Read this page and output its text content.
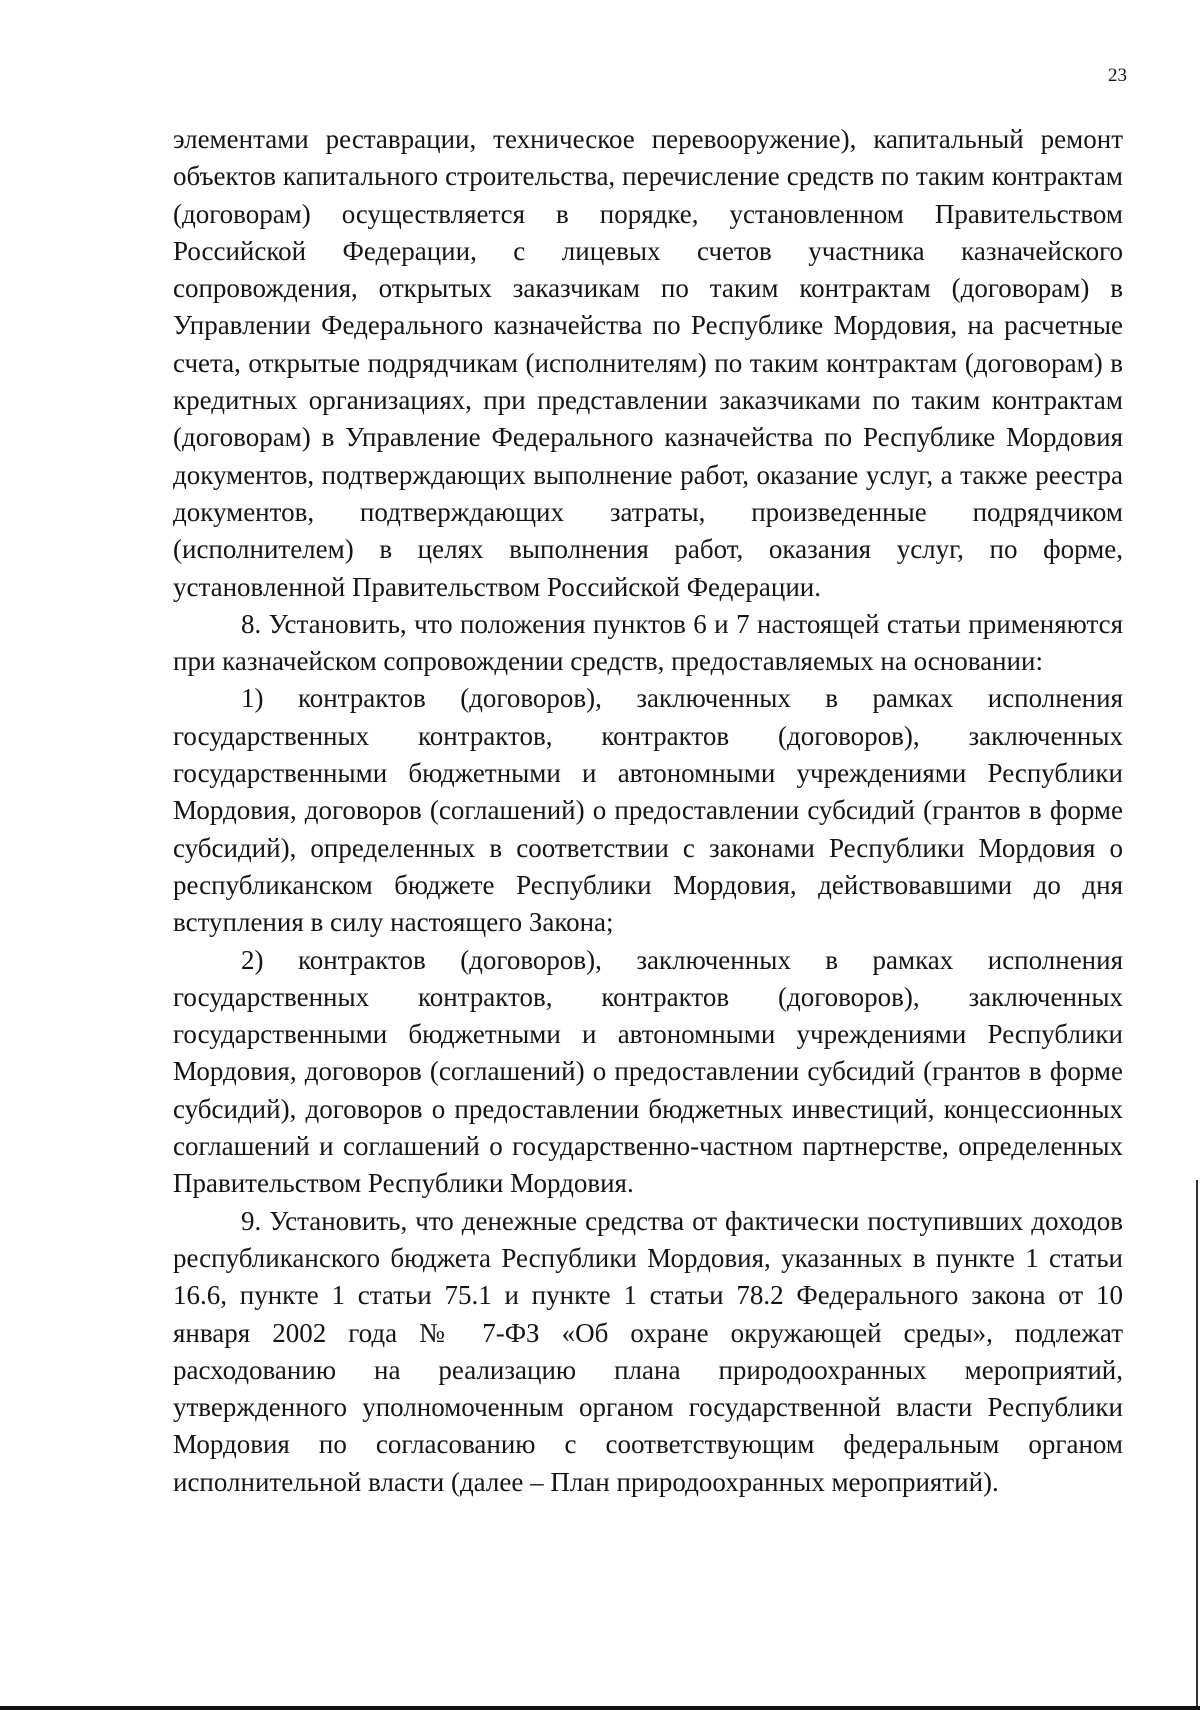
23

элементами реставрации, техническое перевооружение), капитальный ремонт объектов капитального строительства, перечисление средств по таким контрактам (договорам) осуществляется в порядке, установленном Правительством Российской Федерации, с лицевых счетов участника казначейского сопровождения, открытых заказчикам по таким контрактам (договорам) в Управлении Федерального казначейства по Республике Мордовия, на расчетные счета, открытые подрядчикам (исполнителям) по таким контрактам (договорам) в кредитных организациях, при представлении заказчиками по таким контрактам (договорам) в Управление Федерального казначейства по Республике Мордовия документов, подтверждающих выполнение работ, оказание услуг, а также реестра документов, подтверждающих затраты, произведенные подрядчиком (исполнителем) в целях выполнения работ, оказания услуг, по форме, установленной Правительством Российской Федерации.

8. Установить, что положения пунктов 6 и 7 настоящей статьи применяются при казначейском сопровождении средств, предоставляемых на основании:

1) контрактов (договоров), заключенных в рамках исполнения государственных контрактов, контрактов (договоров), заключенных государственными бюджетными и автономными учреждениями Республики Мордовия, договоров (соглашений) о предоставлении субсидий (грантов в форме субсидий), определенных в соответствии с законами Республики Мордовия о республиканском бюджете Республики Мордовия, действовавшими до дня вступления в силу настоящего Закона;

2) контрактов (договоров), заключенных в рамках исполнения государственных контрактов, контрактов (договоров), заключенных государственными бюджетными и автономными учреждениями Республики Мордовия, договоров (соглашений) о предоставлении субсидий (грантов в форме субсидий), договоров о предоставлении бюджетных инвестиций, концессионных соглашений и соглашений о государственно-частном партнерстве, определенных Правительством Республики Мордовия.

9. Установить, что денежные средства от фактически поступивших доходов республиканского бюджета Республики Мордовия, указанных в пункте 1 статьи 16.6, пункте 1 статьи 75.1 и пункте 1 статьи 78.2 Федерального закона от 10 января 2002 года № 7-ФЗ «Об охране окружающей среды», подлежат расходованию на реализацию плана природоохранных мероприятий, утвержденного уполномоченным органом государственной власти Республики Мордовия по согласованию с соответствующим федеральным органом исполнительной власти (далее – План природоохранных мероприятий).
